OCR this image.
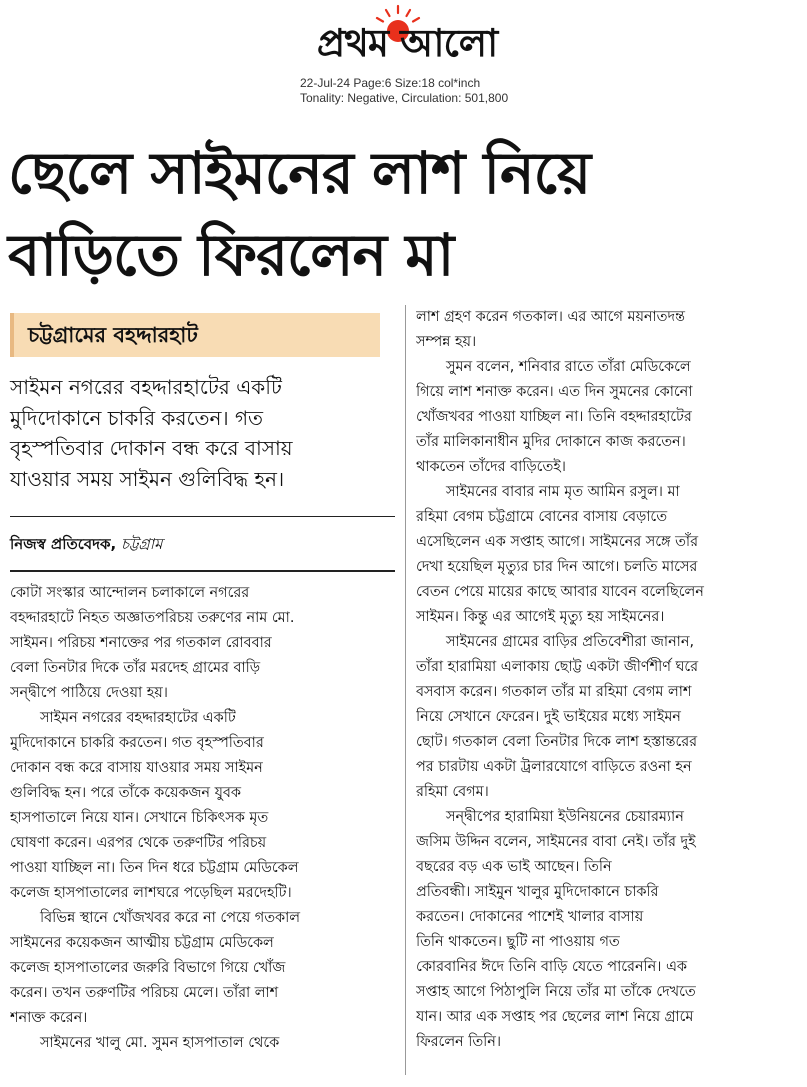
প্রথম আলো
22-Jul-24 Page:6 Size:18 col*inch
Tonality: Negative, Circulation: 501,800
ছেলে সাইমনের লাশ নিয়ে
বাড়িতে ফিরলেন মা
চট্টগ্রামের বহদ্দারহাট
সাইমন নগরের বহদ্দারহাটের একটি
মুদিদোকানে চাকরি করতেন। গত
বৃহস্পতিবার দোকান বন্ধ করে বাসায়
যাওয়ার সময় সাইমন গুলিবিদ্ধ হন।
নিজস্ব প্রতিবেদক, চট্টগ্রাম
কোটা সংস্কার আন্দোলন চলাকালে নগরের
বহদ্দারহাটে নিহত অজ্ঞাতপরিচয় তরুণের নাম মো.
সাইমন। পরিচয় শনাক্তের পর গতকাল রোববার
বেলা তিনটার দিকে তাঁর মরদেহ গ্রামের বাড়ি
সন্দ্বীপে পাঠিয়ে দেওয়া হয়।
সাইমন নগরের বহদ্দারহাটের একটি
মুদিদোকানে চাকরি করতেন। গত বৃহস্পতিবার
দোকান বন্ধ করে বাসায় যাওয়ার সময় সাইমন
গুলিবিদ্ধ হন। পরে তাঁকে কয়েকজন যুবক
হাসপাতালে নিয়ে যান। সেখানে চিকিৎসক মৃত
ঘোষণা করেন। এরপর থেকে তরুণটির পরিচয়
পাওয়া যাচ্ছিল না। তিন দিন ধরে চট্টগ্রাম মেডিকেল
কলেজ হাসপাতালের লাশঘরে পড়েছিল মরদেহটি।
বিভিন্ন স্থানে খোঁজখবর করে না পেয়ে গতকাল
সাইমনের কয়েকজন আত্মীয় চট্টগ্রাম মেডিকেল
কলেজ হাসপাতালের জরুরি বিভাগে গিয়ে খোঁজ
করেন। তখন তরুণটির পরিচয় মেলে। তাঁরা লাশ
শনাক্ত করেন।
সাইমনের খালু মো. সুমন হাসপাতাল থেকে
লাশ গ্রহণ করেন গতকাল। এর আগে ময়নাতদন্ত
সম্পন্ন হয়।
সুমন বলেন, শনিবার রাতে তাঁরা মেডিকেলে
গিয়ে লাশ শনাক্ত করেন। এত দিন সুমনের কোনো
খোঁজখবর পাওয়া যাচ্ছিল না। তিনি বহদ্দারহাটের
তাঁর মালিকানাধীন মুদির দোকানে কাজ করতেন।
থাকতেন তাঁদের বাড়িতেই।
সাইমনের বাবার নাম মৃত আমিন রসুল। মা
রহিমা বেগম চট্টগ্রামে বোনের বাসায় বেড়াতে
এসেছিলেন এক সপ্তাহ আগে। সাইমনের সঙ্গে তাঁর
দেখা হয়েছিল মৃত্যুর চার দিন আগে। চলতি মাসের
বেতন পেয়ে মায়ের কাছে আবার যাবেন বলেছিলেন
সাইমন। কিন্তু এর আগেই মৃত্যু হয় সাইমনের।
সাইমনের গ্রামের বাড়ির প্রতিবেশীরা জানান,
তাঁরা হারামিয়া এলাকায় ছোট্ট একটা জীর্ণশীর্ণ ঘরে
বসবাস করেন। গতকাল তাঁর মা রহিমা বেগম লাশ
নিয়ে সেখানে ফেরেন। দুই ভাইয়ের মধ্যে সাইমন
ছোট। গতকাল বেলা তিনটার দিকে লাশ হস্তান্তরের
পর চারটায় একটা ট্রলারযোগে বাড়িতে রওনা হন
রহিমা বেগম।
সন্দ্বীপের হারামিয়া ইউনিয়নের চেয়ারম্যান
জসিম উদ্দিন বলেন, সাইমনের বাবা নেই। তাঁর দুই
বছরের বড় এক ভাই আছেন। তিনি
প্রতিবন্ধী। সাইমুন খালুর মুদিদোকানে চাকরি
করতেন। দোকানের পাশেই খালার বাসায়
তিনি থাকতেন। ছুটি না পাওয়ায় গত
কোরবানির ঈদে তিনি বাড়ি যেতে পারেননি। এক
সপ্তাহ আগে পিঠাপুলি নিয়ে তাঁর মা তাঁকে দেখতে
যান। আর এক সপ্তাহ পর ছেলের লাশ নিয়ে গ্রামে
ফিরলেন তিনি।
